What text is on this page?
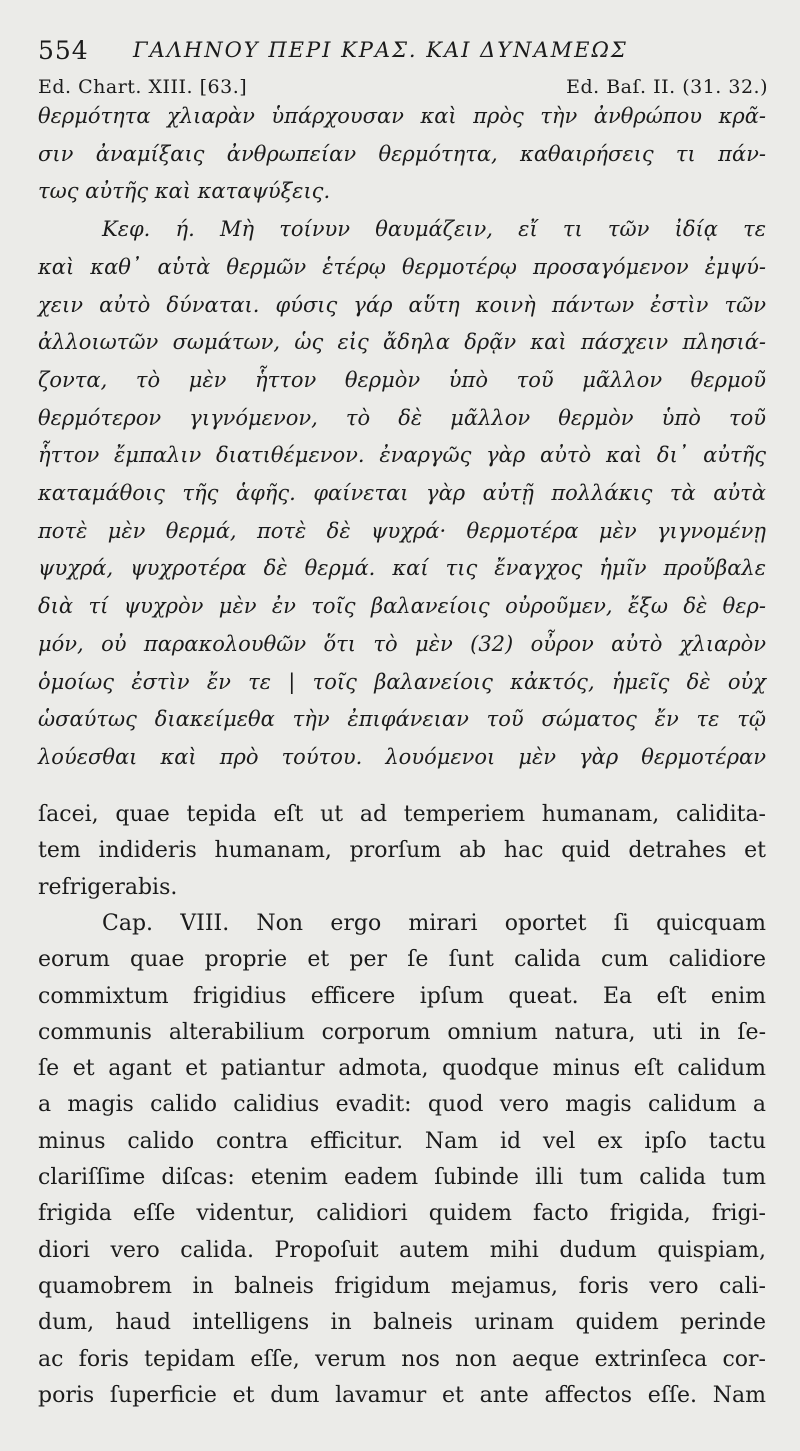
554 ΓΑΛΗΝΟΥ ΠΕΡΙ ΚΡΑΣ. ΚΑΙ ΔΥΝΑΜΕΩΣ
Ed. Chart. XIII. [63.]	Ed. Baſ. II. (31. 32.)
θερμότητα χλιαρὰν ὑπάρχουσαν καὶ πρὸς τὴν ἀνθρώπου κρᾶ-
σιν ἀναμίξαις ἀνθρωπείαν θερμότητα, καθαιρήσεις τι πάν-
τως αὐτῆς καὶ καταψύξεις.
Κεφ. ή. Μὴ τοίνυν θαυμάζειν, εἴ τι τῶν ἰδίᾳ τε
καὶ καθ᾽ αὑτὰ θερμῶν ἑτέρῳ θερμοτέρῳ προσαγόμενον ἐμψύ-
χειν αὐτὸ δύναται. φύσις γάρ αὕτη κοινὴ πάντων ἐστὶν τῶν
ἀλλοιωτῶν σωμάτων, ὡς εἰς ἄδηλα δρᾷν καὶ πάσχειν πλησιά-
ζοντα, τὸ μὲν ἧττον θερμὸν ὑπὸ τοῦ μᾶλλον θερμοῦ
θερμότερον γιγνόμενον, τὸ δὲ μᾶλλον θερμὸν ὑπὸ τοῦ
ἧττον ἔμπαλιν διατιθέμενον. ἐναργῶς γὰρ αὐτὸ καὶ δι᾽ αὐτῆς
καταμάθοις τῆς ἁφῆς. φαίνεται γὰρ αὐτῇ πολλάκις τὰ αὐτὰ
ποτὲ μὲν θερμά, ποτὲ δὲ ψυχρά· θερμοτέρα μὲν γιγνομένῃ
ψυχρά, ψυχροτέρα δὲ θερμά. καί τις ἔναγχος ἡμῖν προὔβαλε
διὰ τί ψυχρὸν μὲν ἐν τοῖς βαλανείοις οὐροῦμεν, ἔξω δὲ θερ-
μόν, οὐ παρακολουθῶν ὅτι τὸ μὲν (32) οὖρον αὐτὸ χλιαρὸν
ὁμοίως ἐστὶν ἔν τε | τοῖς βαλανείοις κἀκτός, ἡμεῖς δὲ οὐχ
ὡσαύτως διακείμεθα τὴν ἐπιφάνειαν τοῦ σώματος ἔν τε τῷ
λούεσθαι καὶ πρὸ τούτου. λουόμενοι μὲν γὰρ θερμοτέραν
ſacei, quae tepida eſt ut ad temperiem humanam, calidita-
tem indideris humanam, prorſum ab hac quid detrahes et
refrigerabis.
Cap. VIII. Non ergo mirari oportet ſi quicquam
eorum quae proprie et per ſe ſunt calida cum calidiore
commixtum frigidius efficere ipſum queat. Ea eſt enim
communis alterabilium corporum omnium natura, uti in ſe-
ſe et agant et patiantur admota, quodque minus eſt calidum
a magis calido calidius evadit: quod vero magis calidum a
minus calido contra efficitur. Nam id vel ex ipſo tactu
clariſſime diſcas: etenim eadem ſubinde illi tum calida tum
frigida eſſe videntur, calidiori quidem facto frigida, frigi-
diori vero calida. Propoſuit autem mihi dudum quispiam,
quamobrem in balneis frigidum mejamus, foris vero cali-
dum, haud intelligens in balneis urinam quidem perinde
ac foris tepidam eſſe, verum nos non aeque extrinſeca cor-
poris ſuperficie et dum lavamur et ante affectos eſſe. Nam
